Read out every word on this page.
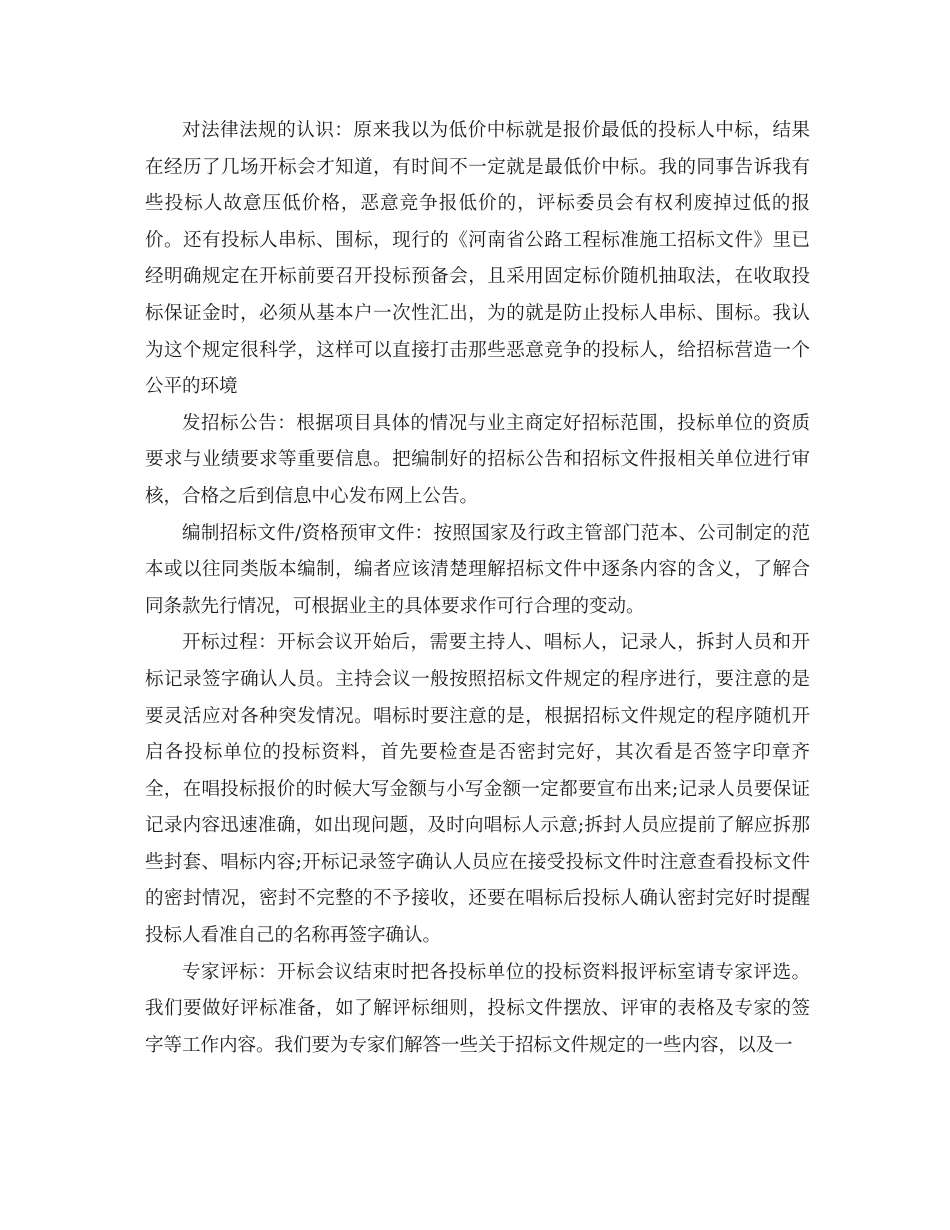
对法律法规的认识：原来我以为低价中标就是报价最低的投标人中标，结果在经历了几场开标会才知道，有时间不一定就是最低价中标。我的同事告诉我有些投标人故意压低价格，恶意竞争报低价的，评标委员会有权利废掉过低的报价。还有投标人串标、围标，现行的《河南省公路工程标准施工招标文件》里已经明确规定在开标前要召开投标预备会，且采用固定标价随机抽取法，在收取投标保证金时，必须从基本户一次性汇出，为的就是防止投标人串标、围标。我认为这个规定很科学，这样可以直接打击那些恶意竞争的投标人，给招标营造一个公平的环境

发招标公告：根据项目具体的情况与业主商定好招标范围，投标单位的资质要求与业绩要求等重要信息。把编制好的招标公告和招标文件报相关单位进行审核，合格之后到信息中心发布网上公告。

编制招标文件/资格预审文件：按照国家及行政主管部门范本、公司制定的范本或以往同类版本编制，编者应该清楚理解招标文件中逐条内容的含义，了解合同条款先行情况，可根据业主的具体要求作可行合理的变动。

开标过程：开标会议开始后，需要主持人、唱标人，记录人，拆封人员和开标记录签字确认人员。主持会议一般按照招标文件规定的程序进行，要注意的是要灵活应对各种突发情况。唱标时要注意的是，根据招标文件规定的程序随机开启各投标单位的投标资料，首先要检查是否密封完好，其次看是否签字印章齐全，在唱投标报价的时候大写金额与小写金额一定都要宣布出来;记录人员要保证记录内容迅速准确，如出现问题，及时向唱标人示意;拆封人员应提前了解应拆那些封套、唱标内容;开标记录签字确认人员应在接受投标文件时注意查看投标文件的密封情况，密封不完整的不予接收，还要在唱标后投标人确认密封完好时提醒投标人看准自己的名称再签字确认。

专家评标：开标会议结束时把各投标单位的投标资料报评标室请专家评选。我们要做好评标准备，如了解评标细则，投标文件摆放、评审的表格及专家的签字等工作内容。我们要为专家们解答一些关于招标文件规定的一些内容，以及一
